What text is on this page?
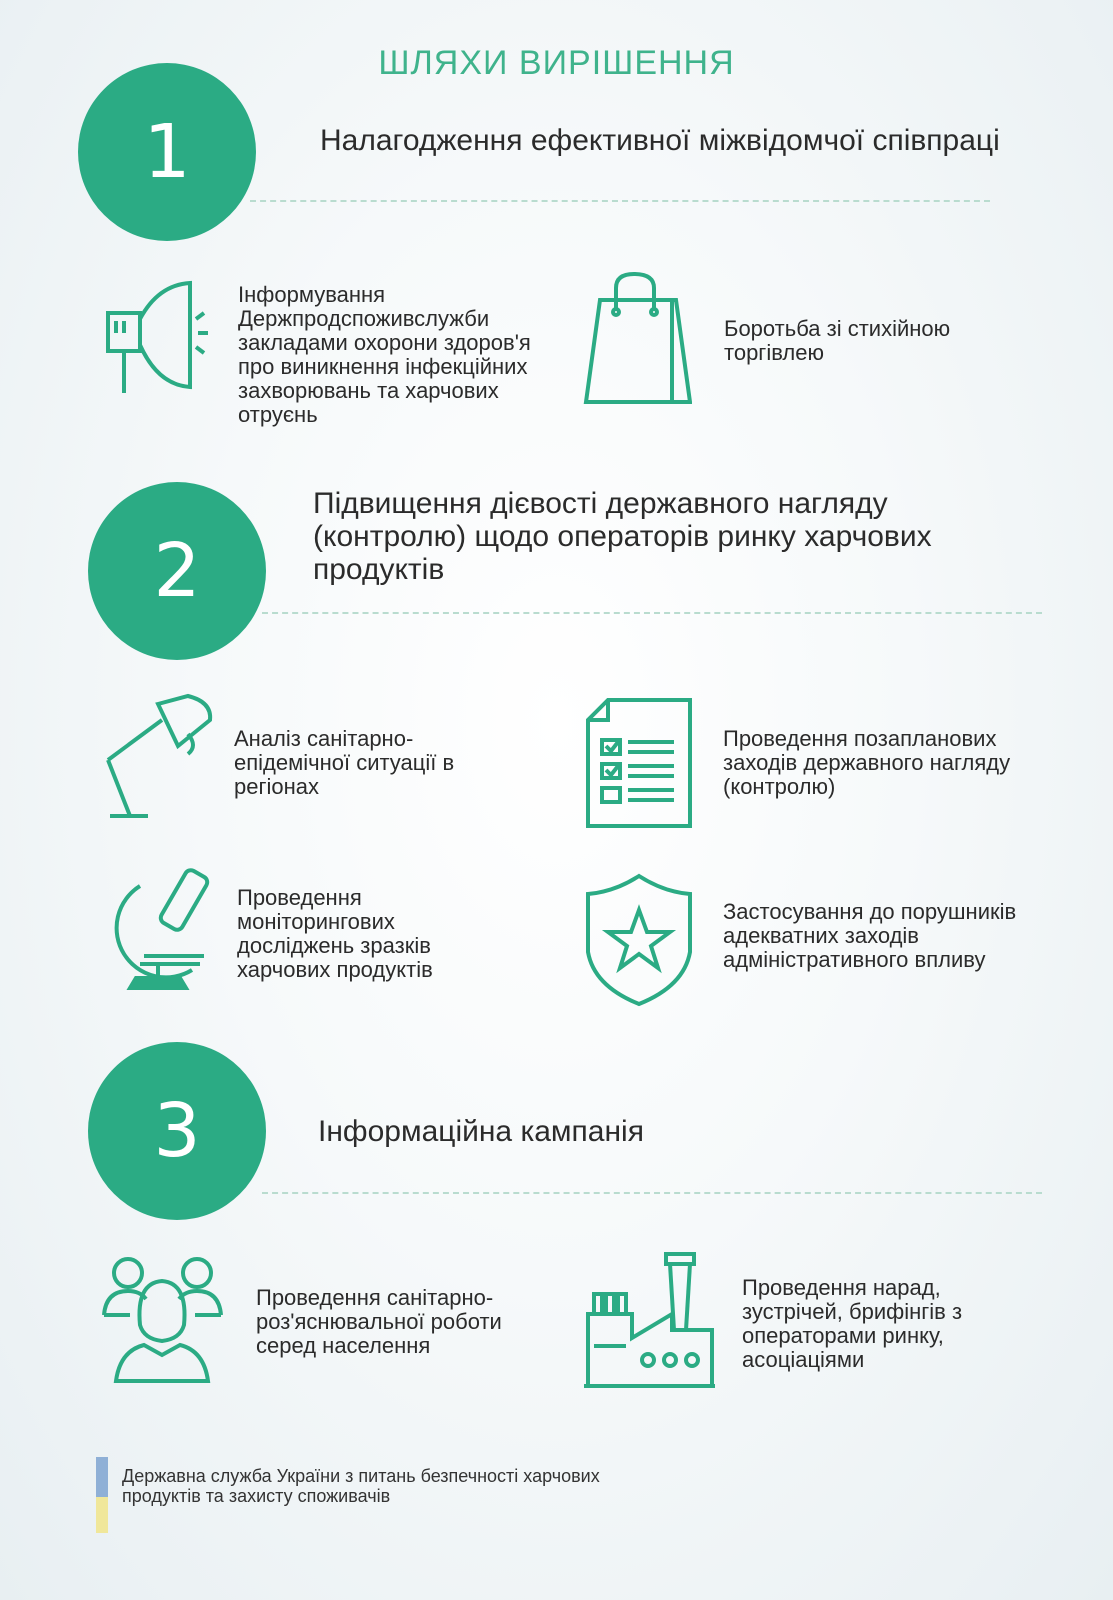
ШЛЯХИ ВИРІШЕННЯ
1	Налагодження ефективної міжвідомчої співпраці
Інформування Держпродспоживслужби закладами охорони здоров'я про виникнення інфекційних захворювань та харчових отруєнь
Боротьба зі стихійною торгівлею
2
Підвищення дієвості державного нагляду (контролю) щодо операторів ринку харчових продуктів
Аналіз санітарно-епідемічної ситуації в регіонах
Проведення позапланових заходів державного нагляду (контролю)
Проведення моніторингових досліджень зразків харчових продуктів
Застосування до порушників адекватних заходів адміністративного впливу
3	Інформаційна кампанія
Проведення санітарно-роз'яснювальної роботи серед населення
Проведення нарад, зустрічей, брифінгів з операторами ринку, асоціаціями
Державна служба України з питань безпечності харчових продуктів та захисту споживачів
